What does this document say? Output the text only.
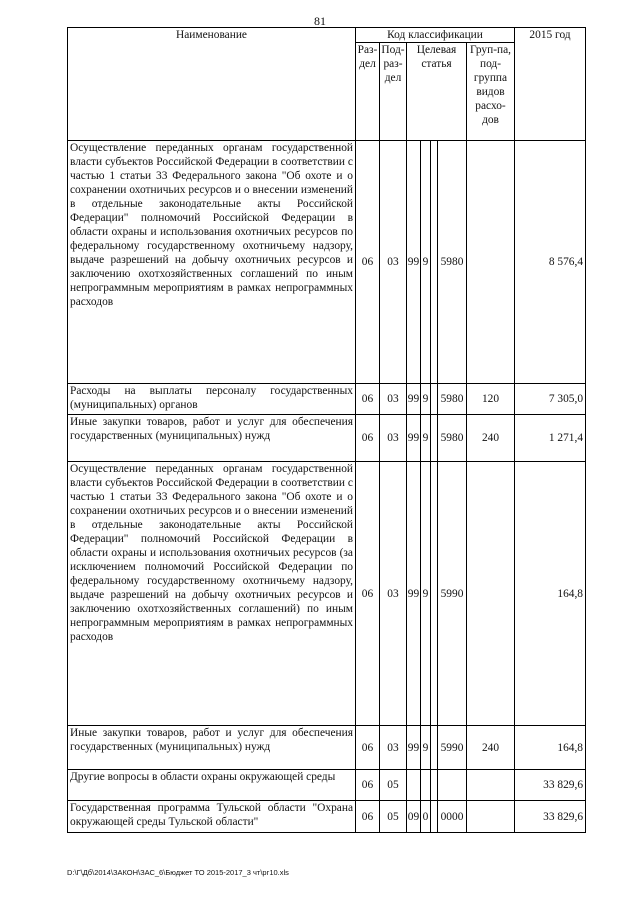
81
Наименование	Код классификации							2015 год
	Раз-дел	Под-раз-дел	Целевая статья				Груп-па, под-группа видов расхо-дов	
Осуществление переданных органам государственной власти субъектов Российской Федерации в соответствии с частью 1 статьи 33 Федерального закона "Об охоте и о сохранении охотничьих ресурсов и о внесении изменений в отдельные законодательные акты Российской Федерации" полномочий Российской Федерации в области охраны и использования охотничьих ресурсов по федеральному государственному охотничьему надзору, выдаче разрешений на добычу охотничьих ресурсов и заключению охотхозяйственных соглашений по иным непрограммным мероприятиям в рамках непрограммных расходов	06	03	99	9		5980		8 576,4
Расходы на выплаты персоналу государственных (муниципальных) органов	06	03	99	9		5980	120	7 305,0
Иные закупки товаров, работ и услуг для обеспечения государственных (муниципальных) нужд	06	03	99	9		5980	240	1 271,4
Осуществление переданных органам государственной власти субъектов Российской Федерации в соответствии с частью 1 статьи 33 Федерального закона "Об охоте и о сохранении охотничьих ресурсов и о внесении изменений в отдельные законодательные акты Российской Федерации" полномочий Российской Федерации в области охраны и использования охотничьих ресурсов (за исключением полномочий Российской Федерации по федеральному государственному охотничьему надзору, выдаче разрешений на добычу охотничьих ресурсов и заключению охотхозяйственных соглашений) по иным непрограммным мероприятиям в рамках непрограммных расходов	06	03	99	9		5990		164,8
Иные закупки товаров, работ и услуг для обеспечения государственных (муниципальных) нужд	06	03	99	9		5990	240	164,8
Другие вопросы в области охраны окружающей среды	06	05						33 829,6
Государственная программа Тульской области "Охрана окружающей среды Тульской области"	06	05	09	0		0000		33 829,6
D:\Г\Дб\2014\ЗАКОН\ЗАС_6\Бюджет ТО 2015-2017_3 чт\рг10.xls
